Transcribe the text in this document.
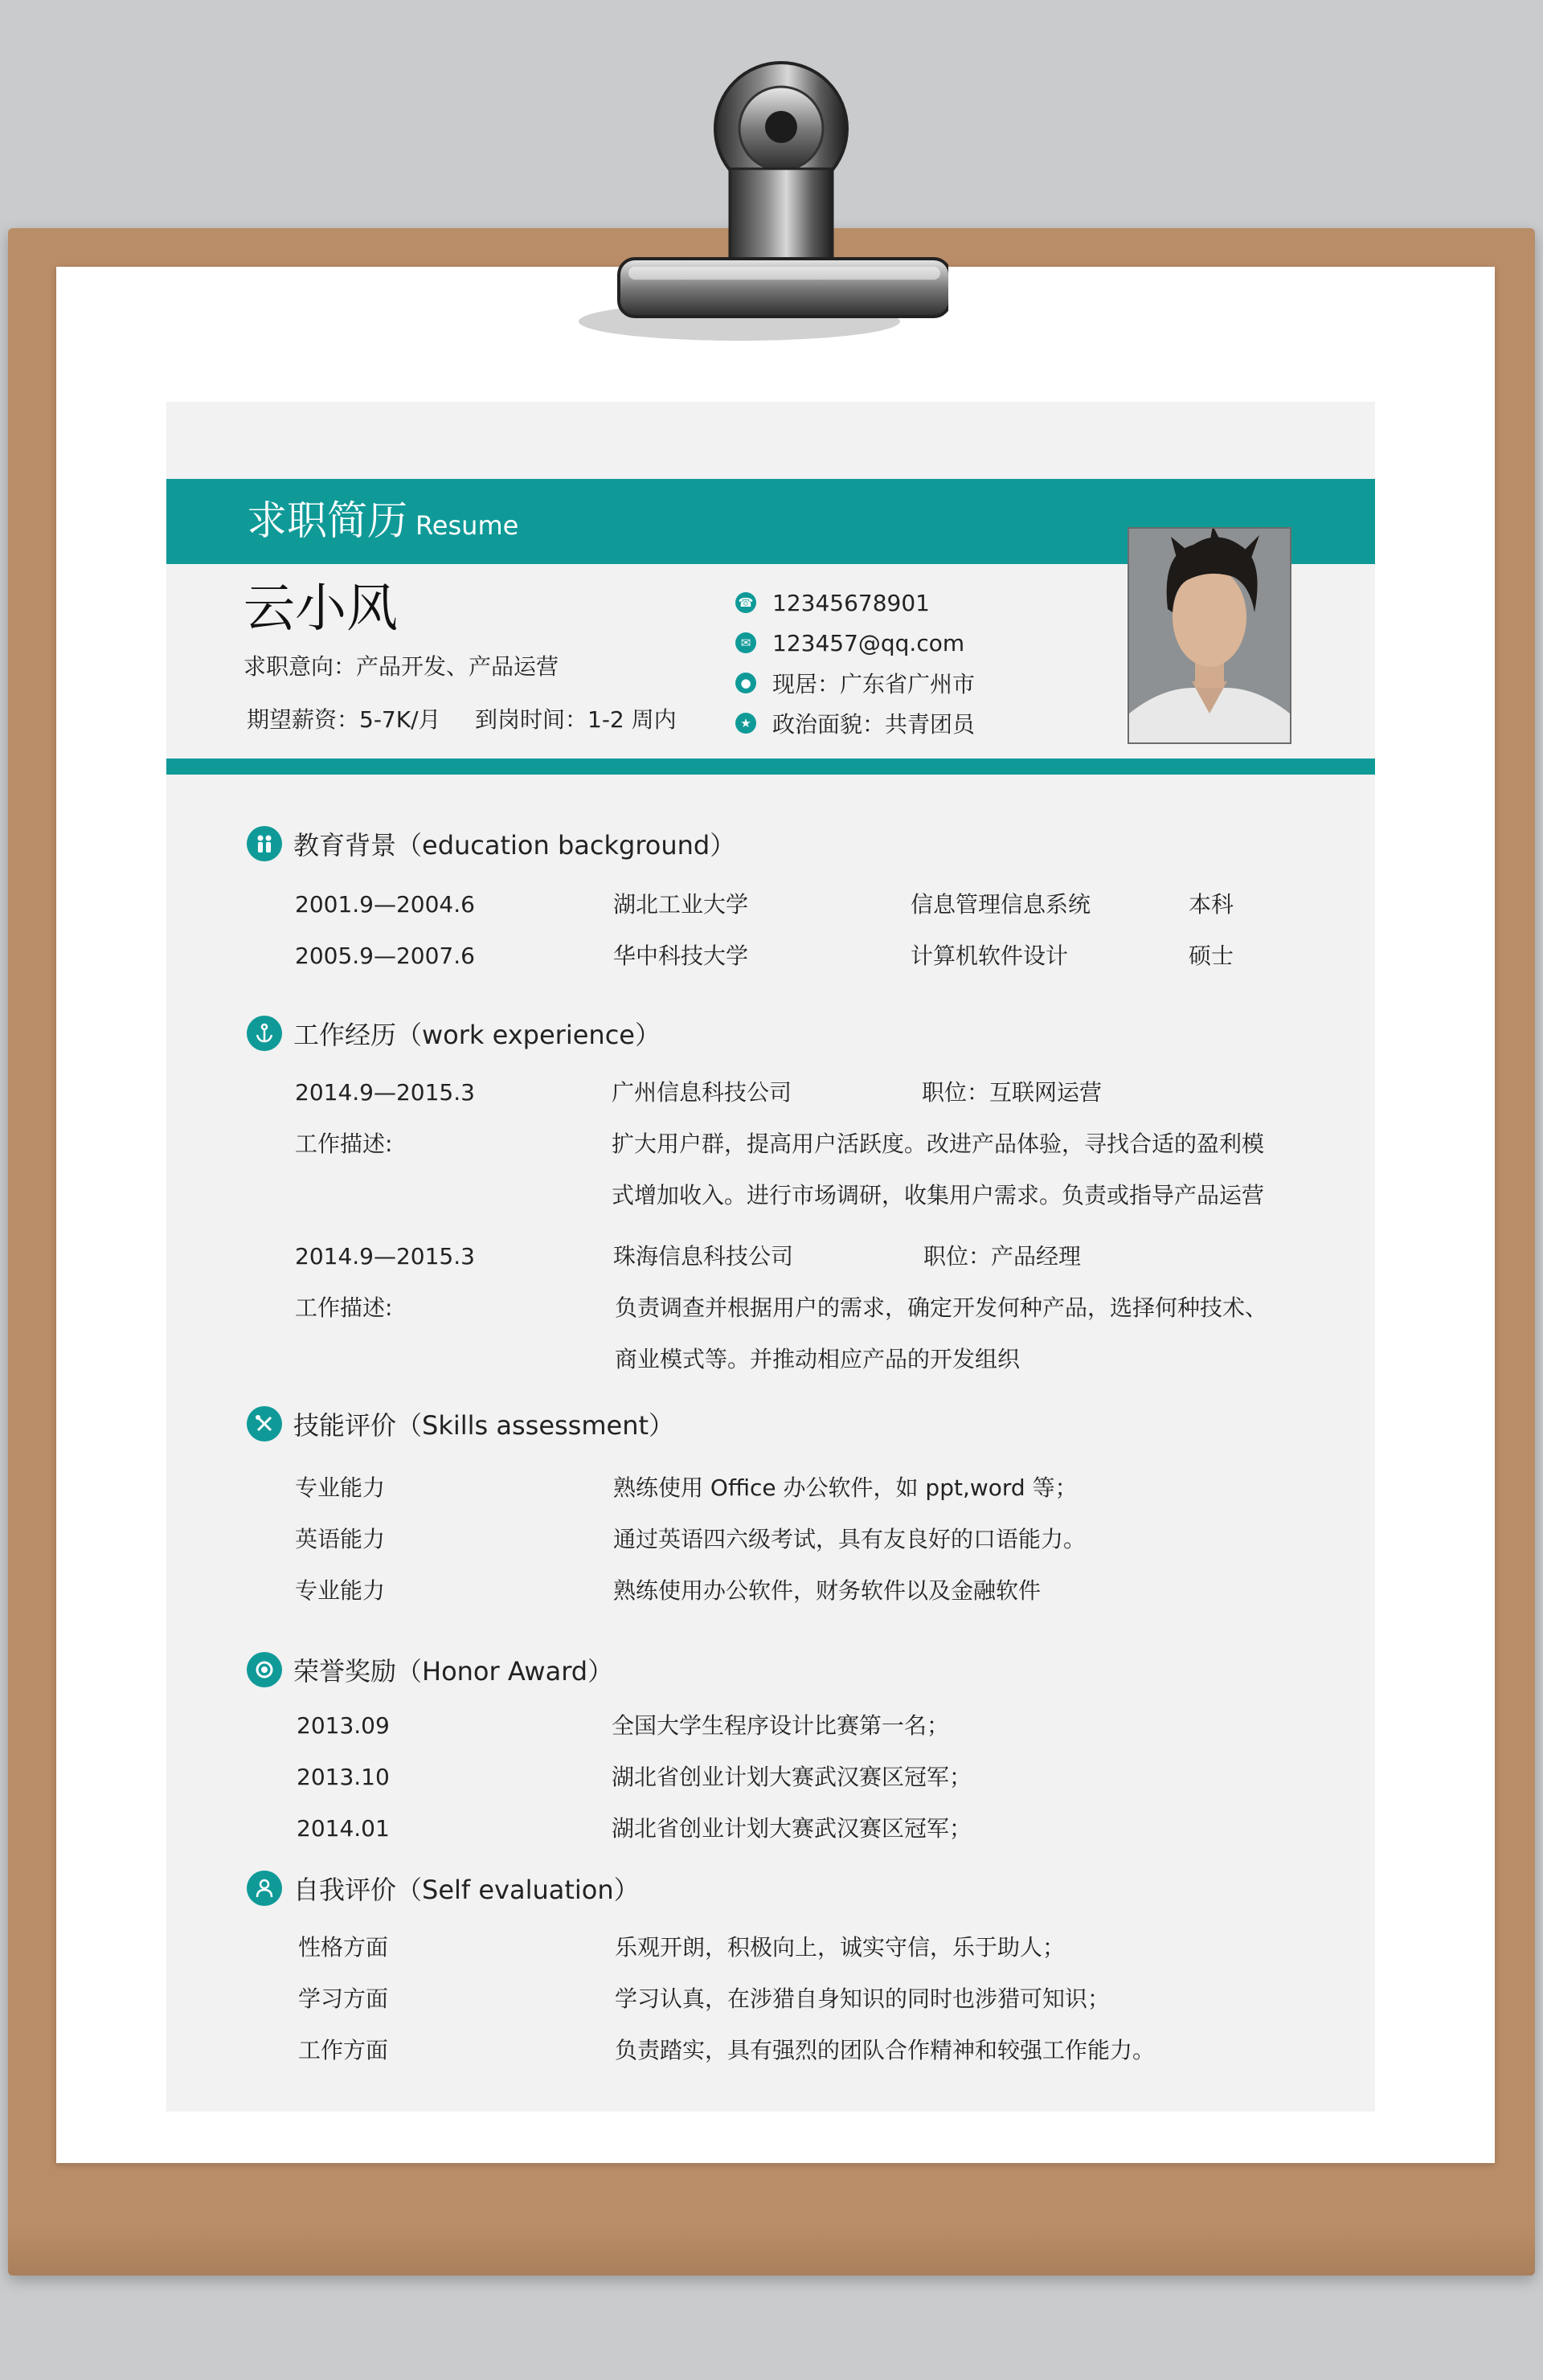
求职简历 Resume
云小风
求职意向：产品开发、产品运营
期望薪资：5-7K/月 到岗时间：1-2 周内
☎ 12345678901
✉ 123457@qq.com
● 现居：广东省广州市
★ 政治面貌：共青团员
教育背景（education background）
2001.9—2004.6	湖北工业大学	信息管理信息系统	本科
2005.9—2007.6	华中科技大学	计算机软件设计	硕士
工作经历（work experience）
2014.9—2015.3	广州信息科技公司	职位：互联网运营
工作描述:	扩大用户群，提高用户活跃度。改进产品体验，寻找合适的盈利模
式增加收入。进行市场调研，收集用户需求。负责或指导产品运营
2014.9—2015.3	珠海信息科技公司	职位：产品经理
工作描述:	负责调查并根据用户的需求，确定开发何种产品，选择何种技术、
商业模式等。并推动相应产品的开发组织
技能评价（Skills assessment）
专业能力	熟练使用 Office 办公软件，如 ppt,word 等；
英语能力	通过英语四六级考试，具有友良好的口语能力。
专业能力	熟练使用办公软件，财务软件以及金融软件
荣誉奖励（Honor Award）
2013.09	全国大学生程序设计比赛第一名；
2013.10	湖北省创业计划大赛武汉赛区冠军；
2014.01	湖北省创业计划大赛武汉赛区冠军；
自我评价（Self evaluation）
性格方面	乐观开朗，积极向上，诚实守信，乐于助人；
学习方面	学习认真，在涉猎自身知识的同时也涉猎可知识；
工作方面	负责踏实，具有强烈的团队合作精神和较强工作能力。
